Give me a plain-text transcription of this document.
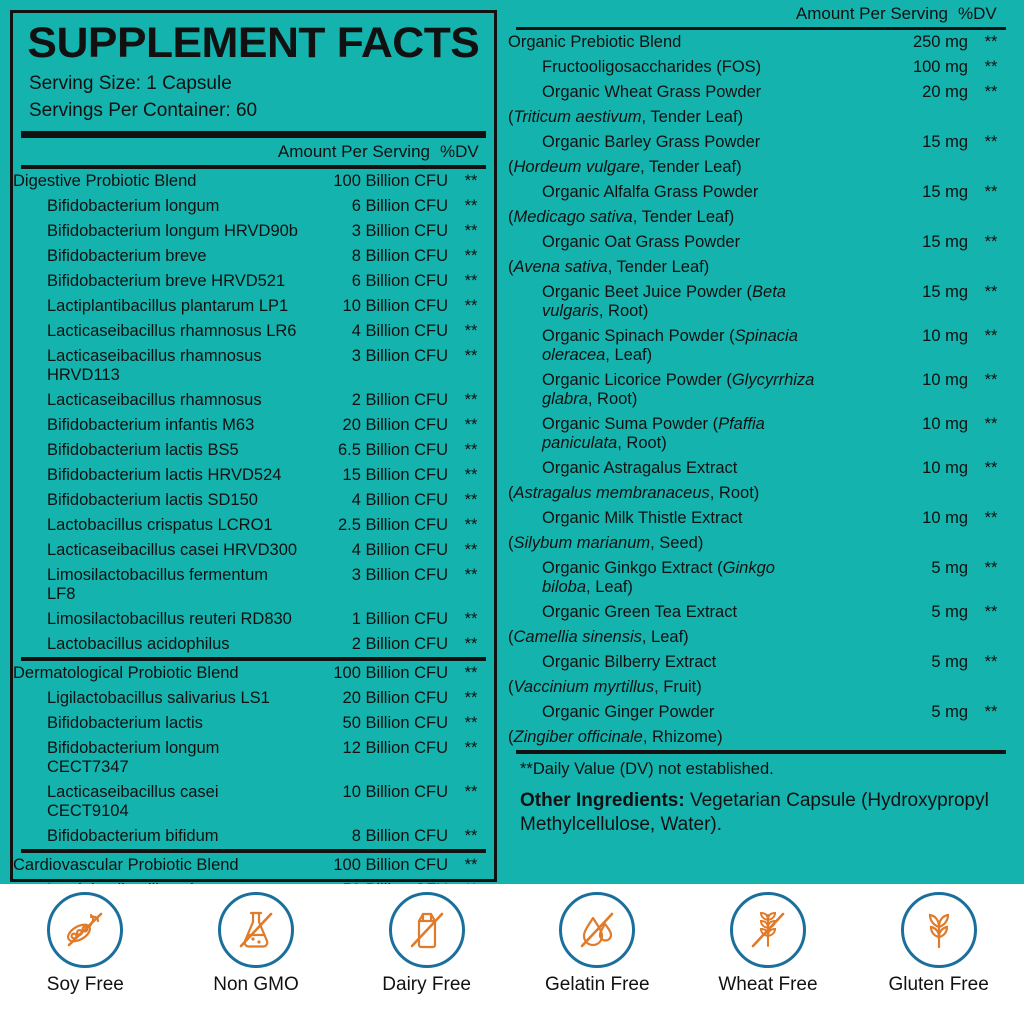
SUPPLEMENT FACTS
Serving Size: 1 Capsule
Servings Per Container: 60
Amount Per Serving %DV
Digestive Probiotic Blend	100 Billion CFU	**
Bifidobacterium longum	6 Billion CFU	**
Bifidobacterium longum HRVD90b	3 Billion CFU	**
Bifidobacterium breve	8 Billion CFU	**
Bifidobacterium breve HRVD521	6 Billion CFU	**
Lactiplantibacillus plantarum LP1	10 Billion CFU	**
Lacticaseibacillus rhamnosus LR6	4 Billion CFU	**
Lacticaseibacillus rhamnosus HRVD113	3 Billion CFU	**
Lacticaseibacillus rhamnosus	2 Billion CFU	**
Bifidobacterium infantis M63	20 Billion CFU	**
Bifidobacterium lactis BS5	6.5 Billion CFU	**
Bifidobacterium lactis HRVD524	15 Billion CFU	**
Bifidobacterium lactis SD150	4 Billion CFU	**
Lactobacillus crispatus LCRO1	2.5 Billion CFU	**
Lacticaseibacillus casei HRVD300	4 Billion CFU	**
Limosilactobacillus fermentum LF8	3 Billion CFU	**
Limosilactobacillus reuteri RD830	1 Billion CFU	**
Lactobacillus acidophilus	2 Billion CFU	**
Dermatological Probiotic Blend	100 Billion CFU	**
Ligilactobacillus salivarius LS1	20 Billion CFU	**
Bifidobacterium lactis	50 Billion CFU	**
Bifidobacterium longum CECT7347	12 Billion CFU	**
Lacticaseibacillus casei CECT9104	10 Billion CFU	**
Bifidobacterium bifidum	8 Billion CFU	**
Cardiovascular Probiotic Blend	100 Billion CFU	**

Amount Per Serving %DV
Organic Prebiotic Blend	250 mg	**
Fructooligosaccharides (FOS)	100 mg	**
Organic Wheat Grass Powder	20 mg	**
(Triticum aestivum, Tender Leaf)		
Organic Barley Grass Powder	15 mg	**
(Hordeum vulgare, Tender Leaf)		
Organic Alfalfa Grass Powder	15 mg	**
(Medicago sativa, Tender Leaf)		
Organic Oat Grass Powder	15 mg	**
(Avena sativa, Tender Leaf)		
Organic Beet Juice Powder (Beta vulgaris, Root)	15 mg	**
Organic Spinach Powder (Spinacia oleracea, Leaf)	10 mg	**
Organic Licorice Powder (Glycyrrhiza glabra, Root)	10 mg	**
Organic Suma Powder (Pfaffia paniculata, Root)	10 mg	**
Organic Astragalus Extract	10 mg	**
(Astragalus membranaceus, Root)		
Organic Milk Thistle Extract	10 mg	**
(Silybum marianum, Seed)		
Organic Ginkgo Extract (Ginkgo biloba, Leaf)	5 mg	**
Organic Green Tea Extract	5 mg	**
(Camellia sinensis, Leaf)		
Organic Bilberry Extract	5 mg	**
(Vaccinium myrtillus, Fruit)		
Organic Ginger Powder	5 mg	**
(Zingiber officinale, Rhizome)		
**Daily Value (DV) not established.
Other Ingredients: Vegetarian Capsule (Hydroxypropyl Methylcellulose, Water).
Soy Free	Non GMO	Dairy Free	Gelatin Free	Wheat Free	Gluten Free
